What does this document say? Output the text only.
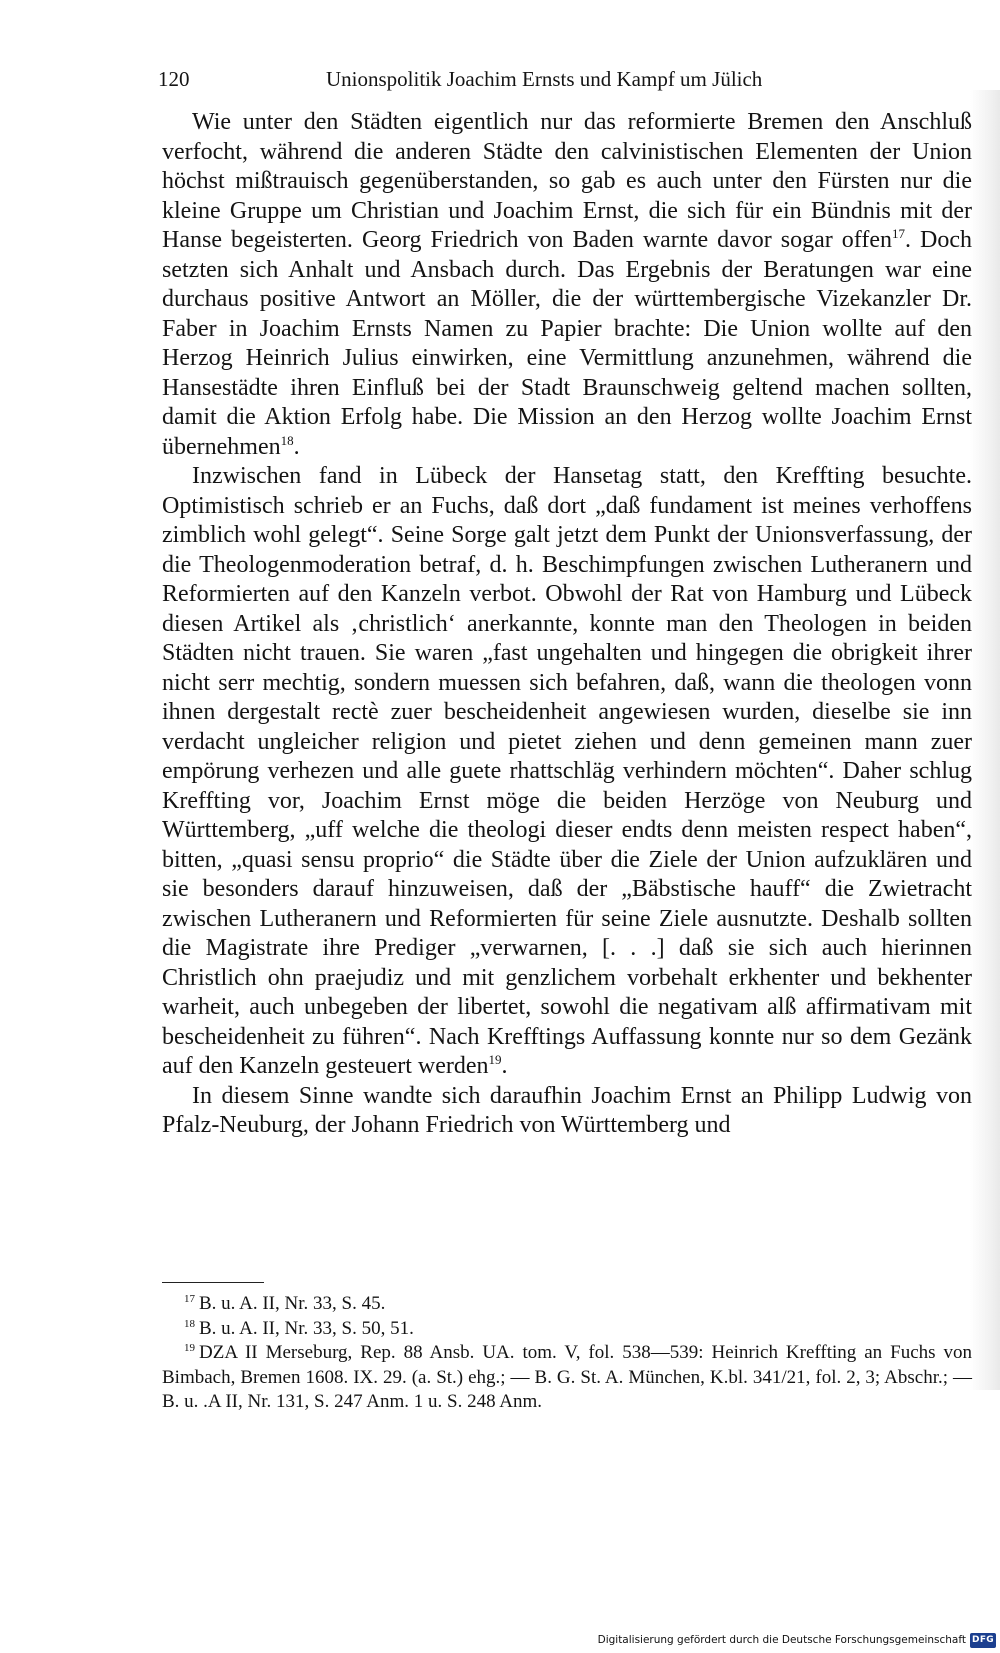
120	Unionspolitik Joachim Ernsts und Kampf um Jülich

Wie unter den Städten eigentlich nur das reformierte Bremen den Anschluß verfocht, während die anderen Städte den calvinistischen Elementen der Union höchst mißtrauisch gegenüberstanden, so gab es auch unter den Fürsten nur die kleine Gruppe um Christian und Joachim Ernst, die sich für ein Bündnis mit der Hanse begeisterten. Georg Friedrich von Baden warnte davor sogar offen$^{17}$. Doch setzten sich Anhalt und Ansbach durch. Das Ergebnis der Beratungen war eine durchaus positive Antwort an Möller, die der württembergische Vizekanzler Dr. Faber in Joachim Ernsts Namen zu Papier brachte: Die Union wollte auf den Herzog Heinrich Julius einwirken, eine Vermittlung anzunehmen, während die Hansestädte ihren Einfluß bei der Stadt Braunschweig geltend machen sollten, damit die Aktion Erfolg habe. Die Mission an den Herzog wollte Joachim Ernst übernehmen$^{18}$.

Inzwischen fand in Lübeck der Hansetag statt, den Kreffting besuchte. Optimistisch schrieb er an Fuchs, daß dort „daß fundament ist meines verhoffens zimblich wohl gelegt“. Seine Sorge galt jetzt dem Punkt der Unionsverfassung, der die Theologenmoderation betraf, d. h. Beschimpfungen zwischen Lutheranern und Reformierten auf den Kanzeln verbot. Obwohl der Rat von Hamburg und Lübeck diesen Artikel als ‚christlich‘ anerkannte, konnte man den Theologen in beiden Städten nicht trauen. Sie waren „fast ungehalten und hingegen die obrigkeit ihrer nicht serr mechtig, sondern muessen sich befahren, daß, wann die theologen vonn ihnen dergestalt rectè zuer bescheidenheit angewiesen wurden, dieselbe sie inn verdacht ungleicher religion und pietet ziehen und denn gemeinen mann zuer empörung verhezen und alle guete rhattschläg verhindern möchten“. Daher schlug Kreffting vor, Joachim Ernst möge die beiden Herzöge von Neuburg und Württemberg, „uff welche die theologi dieser endts denn meisten respect haben“, bitten, „quasi sensu proprio“ die Städte über die Ziele der Union aufzuklären und sie besonders darauf hinzuweisen, daß der „Bäbstische hauff“ die Zwietracht zwischen Lutheranern und Reformierten für seine Ziele ausnutzte. Deshalb sollten die Magistrate ihre Prediger „verwarnen, [. . .] daß sie sich auch hierinnen Christlich ohn praejudiz und mit genzlichem vorbehalt erkhenter und bekhenter warheit, auch unbegeben der libertet, sowohl die negativam alß affirmativam mit bescheidenheit zu führen“. Nach Krefftings Auffassung konnte nur so dem Gezänk auf den Kanzeln gesteuert werden$^{19}$.

In diesem Sinne wandte sich daraufhin Joachim Ernst an Philipp Ludwig von Pfalz-Neuburg, der Johann Friedrich von Württemberg und

$^{17}$ B. u. A. II, Nr. 33, S. 45.

$^{18}$ B. u. A. II, Nr. 33, S. 50, 51.

$^{19}$ DZA II Merseburg, Rep. 88 Ansb. UA. tom. V, fol. 538—539: Heinrich Kreffting an Fuchs von Bimbach, Bremen 1608. IX. 29. (a. St.) ehg.; — B. G. St. A. München, K.bl. 341/21, fol. 2, 3; Abschr.; — B. u. .A II, Nr. 131, S. 247 Anm. 1 u. S. 248 Anm.

Digitalisierung gefördert durch die Deutsche Forschungsgemeinschaft DFG
